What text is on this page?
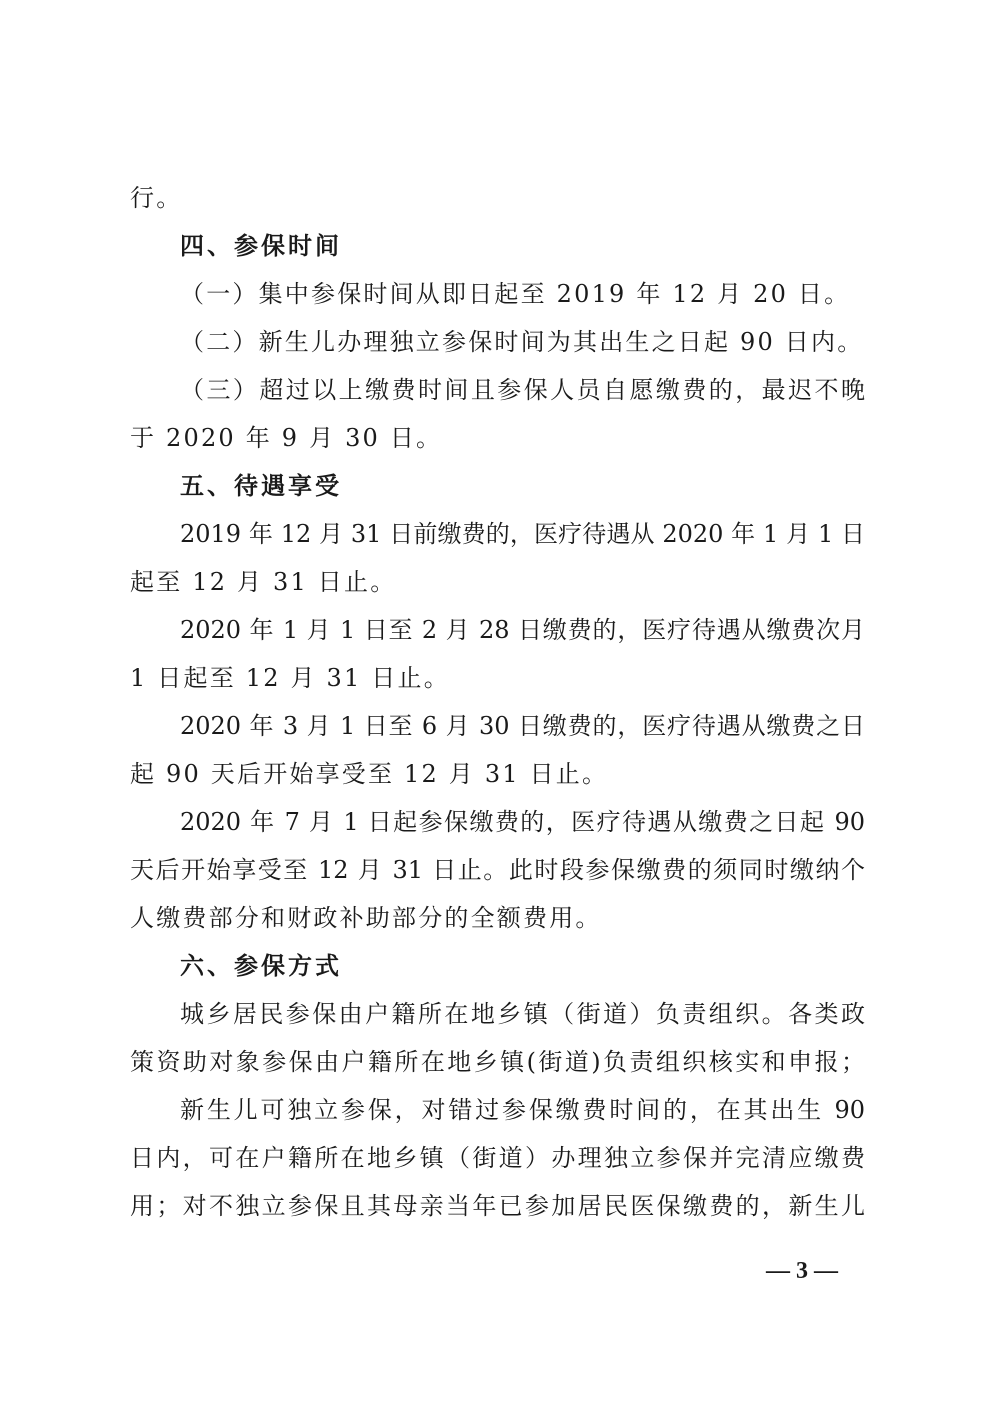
行。
四、参保时间
（一）集中参保时间从即日起至 2019 年 12 月 20 日。
（二）新生儿办理独立参保时间为其出生之日起 90 日内。
（三）超过以上缴费时间且参保人员自愿缴费的，最迟不晚
于 2020 年 9 月 30 日。
五、待遇享受
2019 年 12 月 31 日前缴费的，医疗待遇从 2020 年 1 月 1 日
起至 12 月 31 日止。
2020 年 1 月 1 日至 2 月 28 日缴费的，医疗待遇从缴费次月
1 日起至 12 月 31 日止。
2020 年 3 月 1 日至 6 月 30 日缴费的，医疗待遇从缴费之日
起 90 天后开始享受至 12 月 31 日止。
2020 年 7 月 1 日起参保缴费的，医疗待遇从缴费之日起 90
天后开始享受至 12 月 31 日止。此时段参保缴费的须同时缴纳个
人缴费部分和财政补助部分的全额费用。
六、参保方式
城乡居民参保由户籍所在地乡镇（街道）负责组织。各类政
策资助对象参保由户籍所在地乡镇(街道)负责组织核实和申报；
新生儿可独立参保，对错过参保缴费时间的，在其出生 90
日内，可在户籍所在地乡镇（街道）办理独立参保并完清应缴费
用；对不独立参保且其母亲当年已参加居民医保缴费的，新生儿
— 3 —
